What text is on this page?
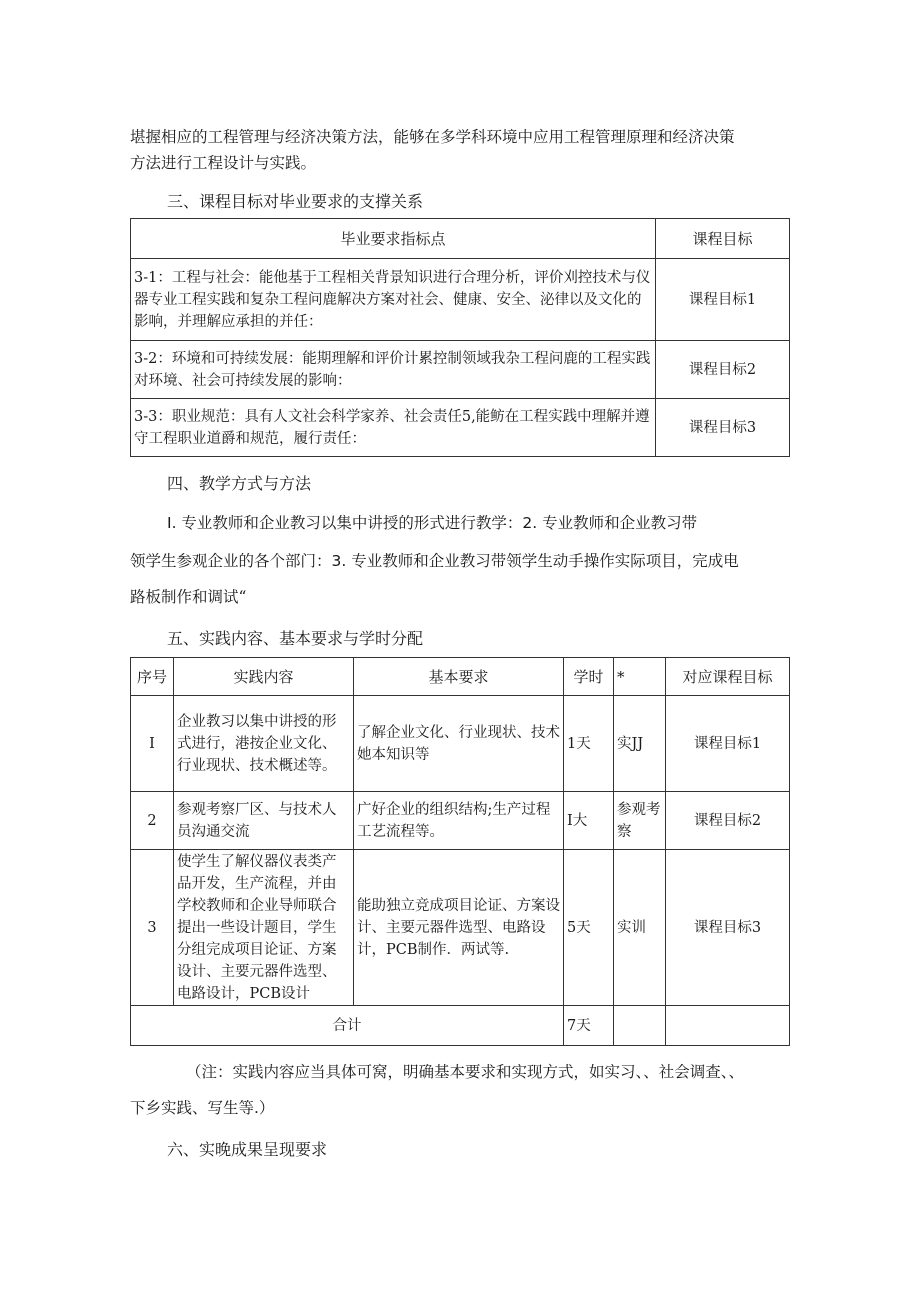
堪握相应的工程管理与经济决策方法，能够在多学科环境中应用工程管理原理和经济决策
方法进行工程设计与实践。
三、课程目标对毕业要求的支撑关系
毕业要求指标点	课程目标
3-1：工程与社会：能他基于工程相关背景知识进行合理分析，评价刈控技术与仪器专业工程实践和复杂工程问鹿解决方案对社会、健康、安全、泌律以及文化的影响，并理解应承担的并任：	课程目标1
3-2：环境和可持续发展：能期理解和评价计累控制领域我杂工程问鹿的工程实践对环境、社会可持续发展的影响：	课程目标2
3-3：职业规范：具有人文社会科学家养、社会责任5,能鲂在工程实践中理解并遵守工程职业道爵和规范，履行责任：	课程目标3
四、教学方式与方法
I. 专业教师和企业教习以集中讲授的形式进行教学：2. 专业教师和企业教习带
领学生参观企业的各个部门：3. 专业教师和企业教习带领学生动手操作实际项目，完成电
路板制作和调试“
五、实践内容、基本要求与学时分配
序号	实践内容	基本要求	学时	*	对应课程目标
I	企业教习以集中讲授的形式进行，港按企业文化、行业现状、技术概述等。	了解企业文化、行业现状、技术她本知识等	1天	实JJ	课程目标1
2	参观考察厂区、与技术人员沟通交流	广好企业的组织结构;生产过程工艺流程等。	I大	参观考察	课程目标2
3	使学生了解仪器仪表类产品开发，生产流程，并由学校教师和企业导师联合提出一些设计题目，学生分组完成项目论证、方案设计、主要元器件选型、电路设计，PCB设计	能助独立竞成项目论证、方案设计、主要元器件选型、电路设计，PCB制作．两试等.	5天	实训	课程目标3
合计			7天		
（注：实践内容应当具体可窝，明确基本要求和实现方式，如实习、、社会调查、、
下乡实践、写生等.）
六、实晚成果呈现要求
